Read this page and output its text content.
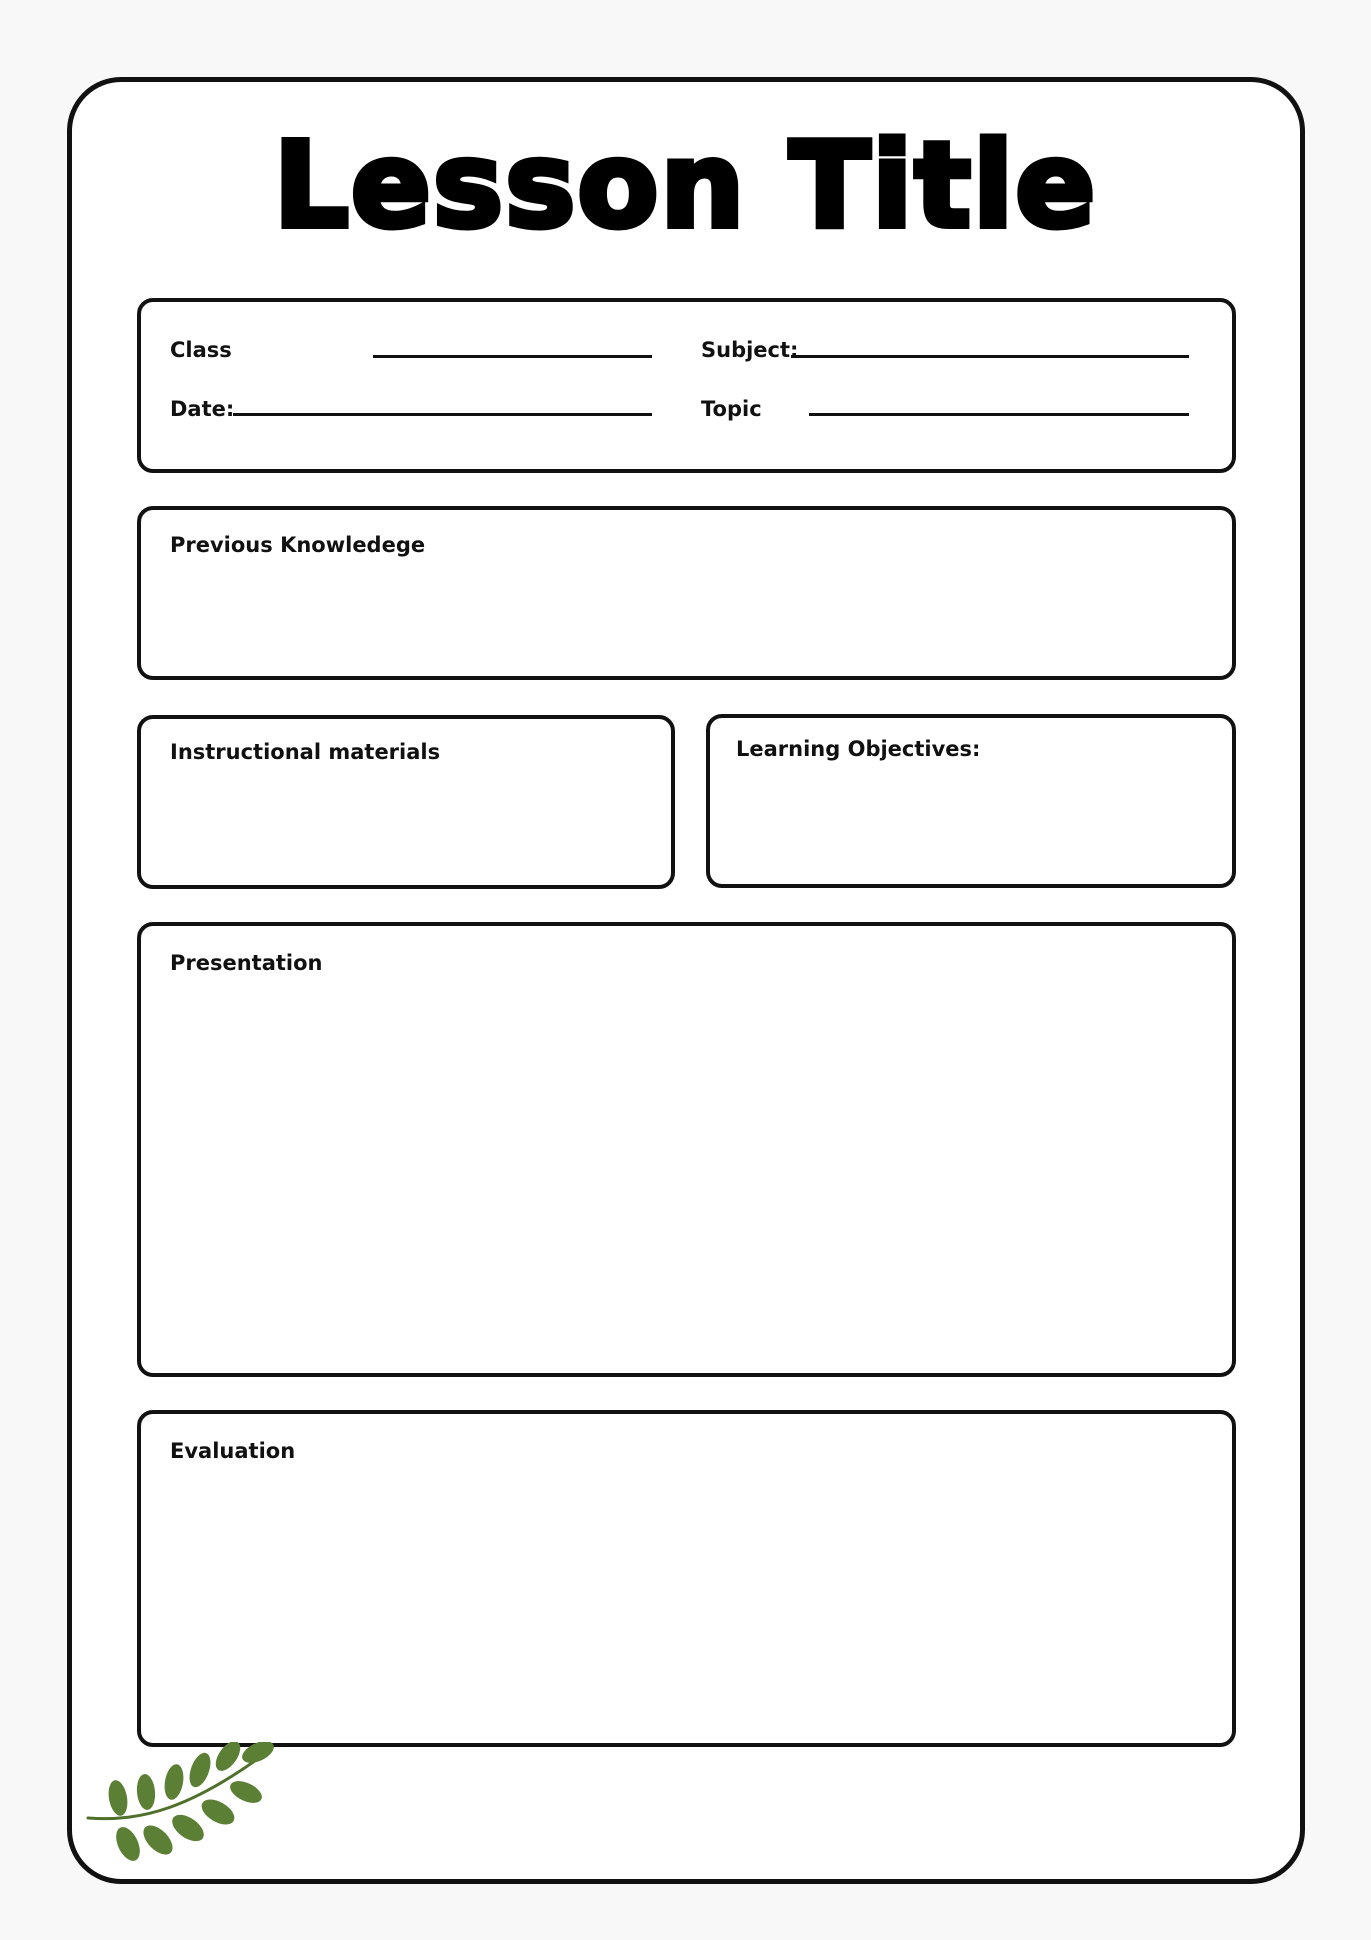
Lesson Title
Class	Subject:
Date:	Topic
Previous Knowledege
Instructional materials	Learning Objectives:
Presentation
Evaluation
